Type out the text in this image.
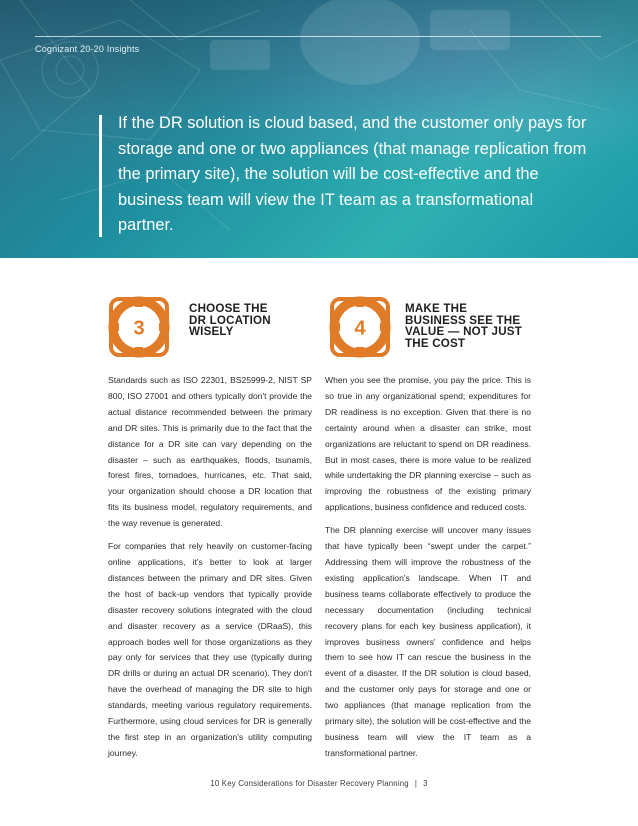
Cognizant 20-20 Insights
If the DR solution is cloud based, and the customer only pays for storage and one or two appliances (that manage replication from the primary site), the solution will be cost-effective and the business team will view the IT team as a transformational partner.
3
CHOOSE THE
DR LOCATION
WISELY	4
MAKE THE
BUSINESS SEE THE
VALUE — NOT JUST
THE COST

Standards such as ISO 22301, BS25999-2, NIST SP 800, ISO 27001 and others typically don't provide the actual distance recommended between the primary and DR sites. This is primarily due to the fact that the distance for a DR site can vary depending on the disaster – such as earthquakes, floods, tsunamis, forest fires, tornadoes, hurricanes, etc. That said, your organization should choose a DR location that fits its business model, regulatory requirements, and the way revenue is generated.

For companies that rely heavily on customer-facing online applications, it's better to look at larger distances between the primary and DR sites. Given the host of back-up vendors that typically provide disaster recovery solutions integrated with the cloud and disaster recovery as a service (DRaaS), this approach bodes well for those organizations as they pay only for services that they use (typically during DR drills or during an actual DR scenario). They don't have the overhead of managing the DR site to high standards, meeting various regulatory requirements. Furthermore, using cloud services for DR is generally the first step in an organization's utility computing journey.

When you see the promise, you pay the price. This is so true in any organizational spend; expenditures for DR readiness is no exception. Given that there is no certainty around when a disaster can strike, most organizations are reluctant to spend on DR readiness. But in most cases, there is more value to be realized while undertaking the DR planning exercise – such as improving the robustness of the existing primary applications, business confidence and reduced costs.

The DR planning exercise will uncover many issues that have typically been “swept under the carpet.” Addressing them will improve the robustness of the existing application's landscape. When IT and business teams collaborate effectively to produce the necessary documentation (including technical recovery plans for each key business application), it improves business owners' confidence and helps them to see how IT can rescue the business in the event of a disaster. If the DR solution is cloud based, and the customer only pays for storage and one or two appliances (that manage replication from the primary site), the solution will be cost-effective and the business team will view the IT team as a transformational partner.

10 Key Considerations for Disaster Recovery Planning | 3
